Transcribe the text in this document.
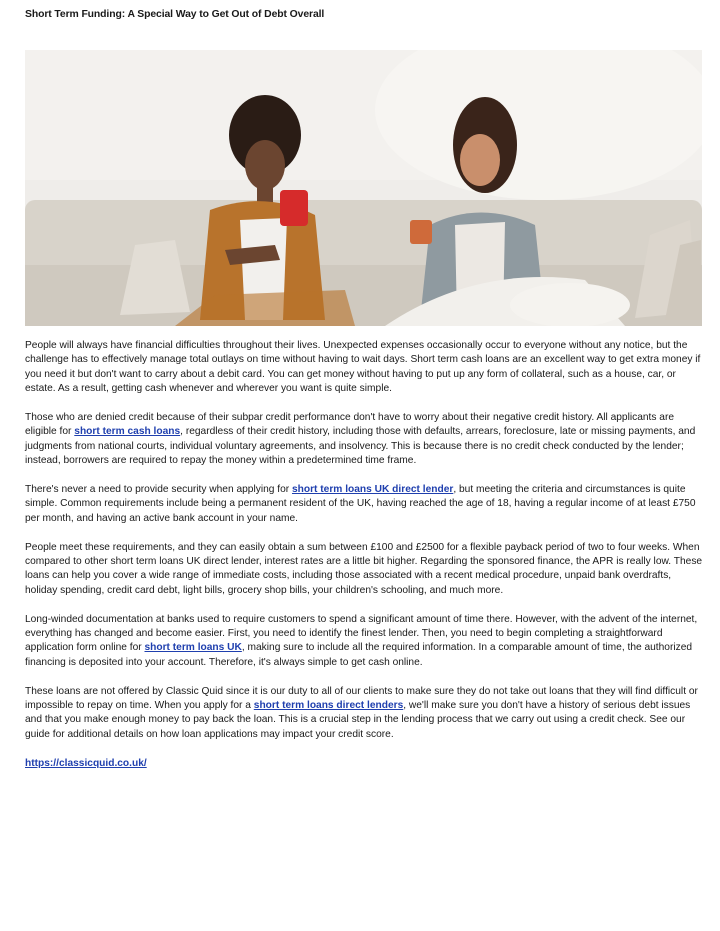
Short Term Funding: A Special Way to Get Out of Debt Overall

People will always have financial difficulties throughout their lives. Unexpected expenses occasionally occur to everyone without any notice, but the challenge has to effectively manage total outlays on time without having to wait days. Short term cash loans are an excellent way to get extra money if you need it but don't want to carry about a debit card. You can get money without having to put up any form of collateral, such as a house, car, or estate. As a result, getting cash whenever and wherever you want is quite simple.

Those who are denied credit because of their subpar credit performance don't have to worry about their negative credit history. All applicants are eligible for short term cash loans, regardless of their credit history, including those with defaults, arrears, foreclosure, late or missing payments, and judgments from national courts, individual voluntary agreements, and insolvency. This is because there is no credit check conducted by the lender; instead, borrowers are required to repay the money within a predetermined time frame.

There's never a need to provide security when applying for short term loans UK direct lender, but meeting the criteria and circumstances is quite simple. Common requirements include being a permanent resident of the UK, having reached the age of 18, having a regular income of at least £750 per month, and having an active bank account in your name.

People meet these requirements, and they can easily obtain a sum between £100 and £2500 for a flexible payback period of two to four weeks. When compared to other short term loans UK direct lender, interest rates are a little bit higher. Regarding the sponsored finance, the APR is really low. These loans can help you cover a wide range of immediate costs, including those associated with a recent medical procedure, unpaid bank overdrafts, holiday spending, credit card debt, light bills, grocery shop bills, your children's schooling, and much more.

Long-winded documentation at banks used to require customers to spend a significant amount of time there. However, with the advent of the internet, everything has changed and become easier. First, you need to identify the finest lender. Then, you need to begin completing a straightforward application form online for short term loans UK, making sure to include all the required information. In a comparable amount of time, the authorized financing is deposited into your account. Therefore, it's always simple to get cash online.

These loans are not offered by Classic Quid since it is our duty to all of our clients to make sure they do not take out loans that they will find difficult or impossible to repay on time. When you apply for a short term loans direct lenders, we'll make sure you don't have a history of serious debt issues and that you make enough money to pay back the loan. This is a crucial step in the lending process that we carry out using a credit check. See our guide for additional details on how loan applications may impact your credit score.

https://classicquid.co.uk/
